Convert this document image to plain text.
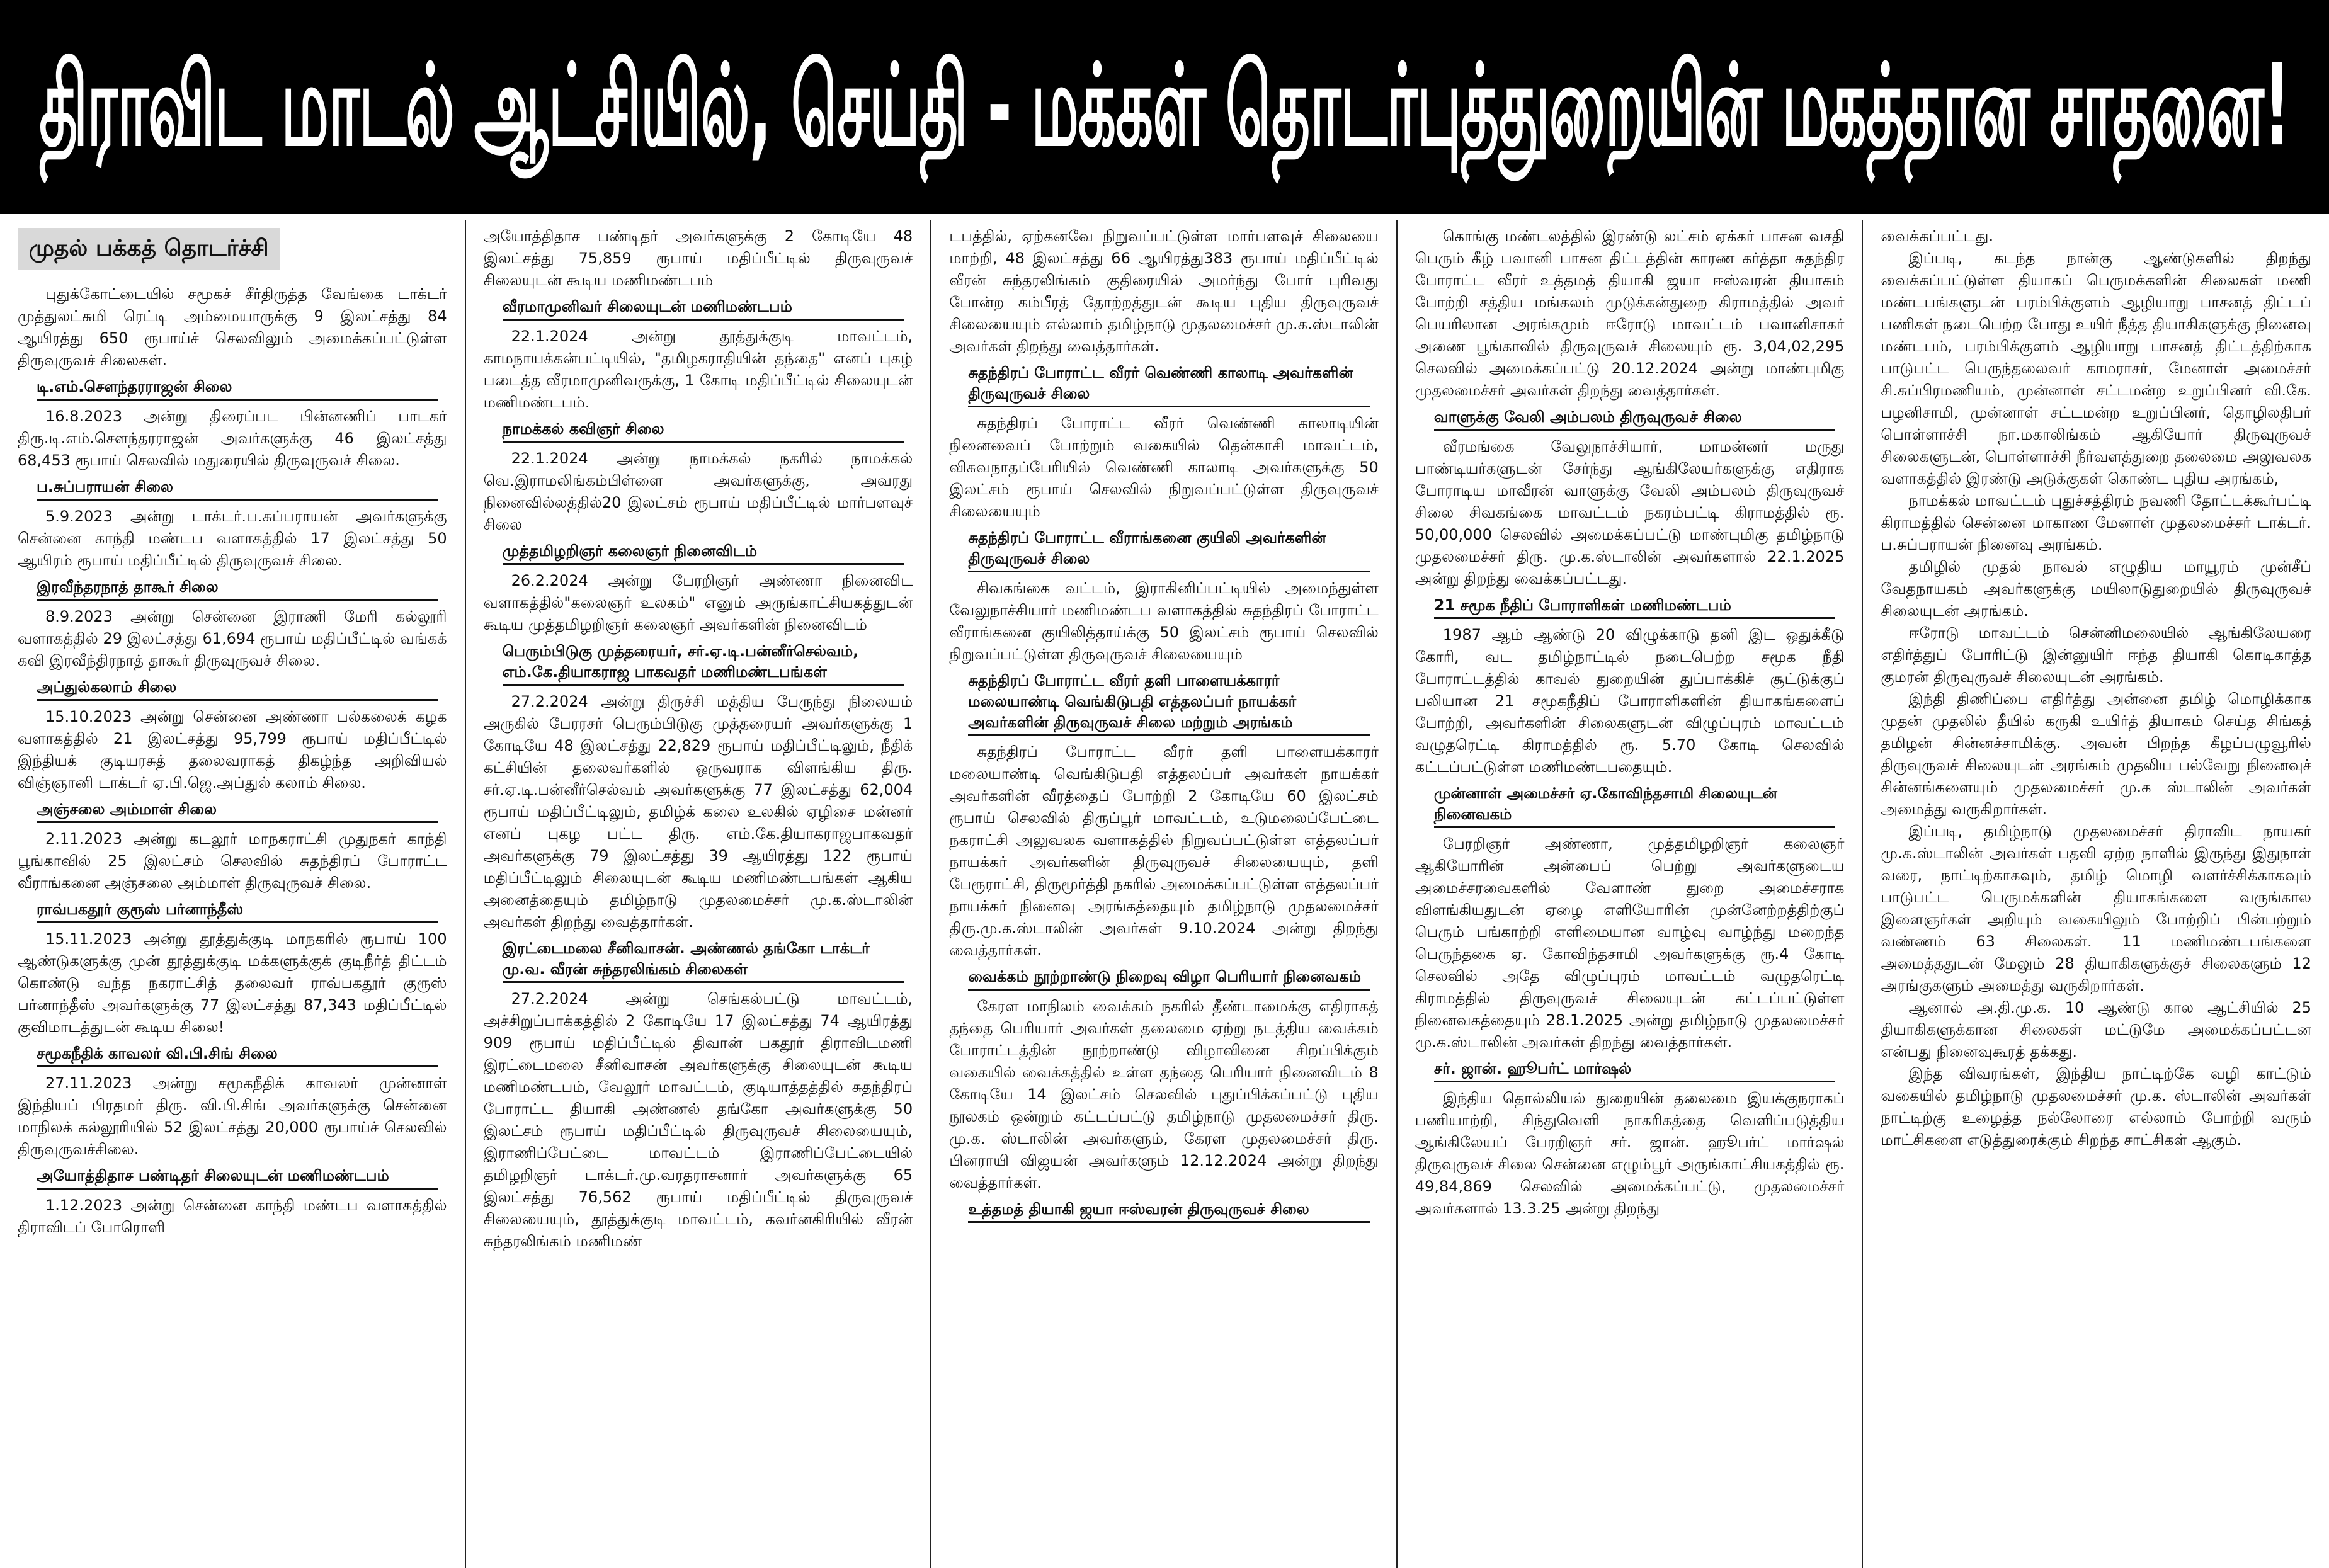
திராவிட மாடல் ஆட்சியில், செய்தி - மக்கள் தொடர்புத்துறையின் மகத்தான சாதனை!
முதல் பக்கத் தொடர்ச்சி
புதுக்கோட்டையில் சமூகச் சீர்திருத்த வேங்கை டாக்டர் முத்துலட்சுமி ரெட்டி அம்மையாருக்கு 9 இலட்சத்து 84 ஆயிரத்து 650 ரூபாய்ச் செலவிலும் அமைக்கப்பட்டுள்ள திருவுருவச் சிலைகள்.
டி.எம்.சௌந்தரராஜன் சிலை
16.8.2023 அன்று திரைப்பட பின்னணிப் பாடகர் திரு.டி.எம்.சௌந்தரராஜன் அவர்களுக்கு 46 இலட்சத்து 68,453 ரூபாய் செலவில் மதுரையில் திருவுருவச் சிலை.
ப.சுப்பராயன் சிலை
5.9.2023 அன்று டாக்டர்.ப.சுப்பராயன் அவர்களுக்கு சென்னை காந்தி மண்டப வளாகத்தில் 17 இலட்சத்து 50 ஆயிரம் ரூபாய் மதிப்பீட்டில் திருவுருவச் சிலை.
இரவீந்தரநாத் தாகூர் சிலை
8.9.2023 அன்று சென்னை இராணி மேரி கல்லூரி வளாகத்தில் 29 இலட்சத்து 61,694 ரூபாய் மதிப்பீட்டில் வங்கக் கவி இரவீந்திரநாத் தாகூர் திருவுருவச் சிலை.
அப்துல்கலாம் சிலை
15.10.2023 அன்று சென்னை அண்ணா பல்கலைக் கழக வளாகத்தில் 21 இலட்சத்து 95,799 ரூபாய் மதிப்பீட்டில் இந்தியக் குடியரசுத் தலைவராகத் திகழ்ந்த அறிவியல் விஞ்ஞானி டாக்டர் ஏ.பி.ஜெ.அப்துல் கலாம் சிலை.
அஞ்சலை அம்மாள் சிலை
2.11.2023 அன்று கடலூர் மாநகராட்சி முதுநகர் காந்தி பூங்காவில் 25 இலட்சம் செலவில் சுதந்திரப் போராட்ட வீராங்கனை அஞ்சலை அம்மாள் திருவுருவச் சிலை.
ராவ்பகதூர் குரூஸ் பர்னாந்தீஸ்
15.11.2023 அன்று தூத்துக்குடி மாநகரில் ரூபாய் 100 ஆண்டுகளுக்கு முன் தூத்துக்குடி மக்களுக்குக் குடிநீர்த் திட்டம் கொண்டு வந்த நகராட்சித் தலைவர் ராவ்பகதூர் குரூஸ் பர்னாந்தீஸ் அவர்களுக்கு 77 இலட்சத்து 87,343 மதிப்பீட்டில் குவிமாடத்துடன் கூடிய சிலை!
சமூகநீதிக் காவலர் வி.பி.சிங் சிலை
27.11.2023 அன்று சமூகநீதிக் காவலர் முன்னாள் இந்தியப் பிரதமர் திரு. வி.பி.சிங் அவர்களுக்கு சென்னை மாநிலக் கல்லூரியில் 52 இலட்சத்து 20,000 ரூபாய்ச் செலவில் திருவுருவச்சிலை.
அயோத்திதாச பண்டிதர் சிலையுடன் மணிமண்டபம்
1.12.2023 அன்று சென்னை காந்தி மண்டப வளாகத்தில் திராவிடப் போரொளி
அயோத்திதாச பண்டிதர் அவர்களுக்கு 2 கோடியே 48 இலட்சத்து 75,859 ரூபாய் மதிப்பீட்டில் திருவுருவச் சிலையுடன் கூடிய மணிமண்டபம்
வீரமாமுனிவர் சிலையுடன் மணிமண்டபம்
22.1.2024 அன்று தூத்துக்குடி மாவட்டம், காமநாயக்கன்பட்டியில், "தமிழகராதியின் தந்தை" எனப் புகழ் படைத்த வீரமாமுனிவருக்கு, 1 கோடி மதிப்பீட்டில் சிலையுடன் மணிமண்டபம்.
நாமக்கல் கவிஞர் சிலை
22.1.2024 அன்று நாமக்கல் நகரில் நாமக்கல் வெ.இராமலிங்கம்பிள்ளை அவர்களுக்கு, அவரது நினைவில்லத்தில்20 இலட்சம் ரூபாய் மதிப்பீட்டில் மார்பளவுச் சிலை
முத்தமிழறிஞர் கலைஞர் நினைவிடம்
26.2.2024 அன்று பேரறிஞர் அண்ணா நினைவிட வளாகத்தில்"கலைஞர் உலகம்" எனும் அருங்காட்சியகத்துடன் கூடிய முத்தமிழறிஞர் கலைஞர் அவர்களின் நினைவிடம்
பெரும்பிடுகு முத்தரையர், சர்.ஏ.டி.பன்னீர்செல்வம், எம்.கே.தியாகராஜ பாகவதர் மணிமண்டபங்கள்
27.2.2024 அன்று திருச்சி மத்திய பேருந்து நிலையம் அருகில் பேரரசர் பெரும்பிடுகு முத்தரையர் அவர்களுக்கு 1 கோடியே 48 இலட்சத்து 22,829 ரூபாய் மதிப்பீட்டிலும், நீதிக் கட்சியின் தலைவர்களில் ஒருவராக விளங்கிய திரு. சர்.ஏ.டி.பன்னீர்செல்வம் அவர்களுக்கு 77 இலட்சத்து 62,004 ரூபாய் மதிப்பீட்டிலும், தமிழ்க் கலை உலகில் ஏழிசை மன்னர் எனப் புகழ பட்ட திரு. எம்.கே.தியாகராஜபாகவதர் அவர்களுக்கு 79 இலட்சத்து 39 ஆயிரத்து 122 ரூபாய் மதிப்பீட்டிலும் சிலையுடன் கூடிய மணிமண்டபங்கள் ஆகிய அனைத்தையும் தமிழ்நாடு முதலமைச்சர் மு.க.ஸ்டாலின் அவர்கள் திறந்து வைத்தார்கள்.
இரட்டைமலை சீனிவாசன். அண்ணல் தங்கோ டாக்டர் மு.வ. வீரன் சுந்தரலிங்கம் சிலைகள்
27.2.2024 அன்று செங்கல்பட்டு மாவட்டம், அச்சிறுப்பாக்கத்தில் 2 கோடியே 17 இலட்சத்து 74 ஆயிரத்து 909 ரூபாய் மதிப்பீட்டில் திவான் பகதூர் திராவிடமணி இரட்டைமலை சீனிவாசன் அவர்களுக்கு சிலையுடன் கூடிய மணிமண்டபம், வேலூர் மாவட்டம், குடியாத்தத்தில் சுதந்திரப் போராட்ட தியாகி அண்ணல் தங்கோ அவர்களுக்கு 50 இலட்சம் ரூபாய் மதிப்பீட்டில் திருவுருவச் சிலையையும், இராணிப்பேட்டை மாவட்டம் இராணிப்பேட்டையில் தமிழறிஞர் டாக்டர்.மு.வரதராசனார் அவர்களுக்கு 65 இலட்சத்து 76,562 ரூபாய் மதிப்பீட்டில் திருவுருவச் சிலையையும், தூத்துக்குடி மாவட்டம், கவர்னகிரியில் வீரன் சுந்தரலிங்கம் மணிமண்
டபத்தில், ஏற்கனவே நிறுவப்பட்டுள்ள மார்பளவுச் சிலையை மாற்றி, 48 இலட்சத்து 66 ஆயிரத்து383 ரூபாய் மதிப்பீட்டில் வீரன் சுந்தரலிங்கம் குதிரையில் அமர்ந்து போர் புரிவது போன்ற கம்பீரத் தோற்றத்துடன் கூடிய புதிய திருவுருவச் சிலையையும் எல்லாம் தமிழ்நாடு முதலமைச்சர் மு.க.ஸ்டாலின் அவர்கள் திறந்து வைத்தார்கள்.
சுதந்திரப் போராட்ட வீரர் வெண்ணி காலாடி அவர்களின் திருவுருவச் சிலை
சுதந்திரப் போராட்ட வீரர் வெண்ணி காலாடியின் நினைவைப் போற்றும் வகையில் தென்காசி மாவட்டம், விசுவநாதப்பேரியில் வெண்ணி காலாடி அவர்களுக்கு 50 இலட்சம் ரூபாய் செலவில் நிறுவப்பட்டுள்ள திருவுருவச் சிலையையும்
சுதந்திரப் போராட்ட வீராங்கனை குயிலி அவர்களின் திருவுருவச் சிலை
சிவகங்கை வட்டம், இராகினிப்பட்டியில் அமைந்துள்ள வேலுநாச்சியார் மணிமண்டப வளாகத்தில் சுதந்திரப் போராட்ட வீராங்கனை குயிலித்தாய்க்கு 50 இலட்சம் ரூபாய் செலவில் நிறுவப்பட்டுள்ள திருவுருவச் சிலையையும்
சுதந்திரப் போராட்ட வீரர் தளி பாளையக்காரர் மலையாண்டி வெங்கிடுபதி எத்தலப்பர் நாயக்கர் அவர்களின் திருவுருவச் சிலை மற்றும் அரங்கம்
சுதந்திரப் போராட்ட வீரர் தளி பாளையக்காரர் மலையாண்டி வெங்கிடுபதி எத்தலப்பர் அவர்கள் நாயக்கர் அவர்களின் வீரத்தைப் போற்றி 2 கோடியே 60 இலட்சம் ரூபாய் செலவில் திருப்பூர் மாவட்டம், உடுமலைப்பேட்டை நகராட்சி அலுவலக வளாகத்தில் நிறுவப்பட்டுள்ள எத்தலப்பர் நாயக்கர் அவர்களின் திருவுருவச் சிலையையும், தளி பேரூராட்சி, திருமூர்த்தி நகரில் அமைக்கப்பட்டுள்ள எத்தலப்பர் நாயக்கர் நினைவு அரங்கத்தையும் தமிழ்நாடு முதலமைச்சர் திரு.மு.க.ஸ்டாலின் அவர்கள் 9.10.2024 அன்று திறந்து வைத்தார்கள்.
வைக்கம் நூற்றாண்டு நிறைவு விழா பெரியார் நினைவகம்
கேரள மாநிலம் வைக்கம் நகரில் தீண்டாமைக்கு எதிராகத் தந்தை பெரியார் அவர்கள் தலைமை ஏற்று நடத்திய வைக்கம் போராட்டத்தின் நூற்றாண்டு விழாவினை சிறப்பிக்கும் வகையில் வைக்கத்தில் உள்ள தந்தை பெரியார் நினைவிடம் 8 கோடியே 14 இலட்சம் செலவில் புதுப்பிக்கப்பட்டு புதிய நூலகம் ஒன்றும் கட்டப்பட்டு தமிழ்நாடு முதலமைச்சர் திரு. மு.க. ஸ்டாலின் அவர்களும், கேரள முதலமைச்சர் திரு. பினராயி விஜயன் அவர்களும் 12.12.2024 அன்று திறந்து வைத்தார்கள்.
உத்தமத் தியாகி ஜயா ஈஸ்வரன் திருவுருவச் சிலை
கொங்கு மண்டலத்தில் இரண்டு லட்சம் ஏக்கர் பாசன வசதி பெரும் கீழ் பவானி பாசன திட்டத்தின் காரண கர்த்தா சுதந்திர போராட்ட வீரர் உத்தமத் தியாகி ஜயா ஈஸ்வரன் தியாகம் போற்றி சத்திய மங்கலம் முடுக்கன்துறை கிராமத்தில் அவர் பெயரிலான அரங்கமும் ஈரோடு மாவட்டம் பவானிசாகர் அணை பூங்காவில் திருவுருவச் சிலையும் ரூ. 3,04,02,295 செலவில் அமைக்கப்பட்டு 20.12.2024 அன்று மாண்புமிகு முதலமைச்சர் அவர்கள் திறந்து வைத்தார்கள்.
வாளுக்கு வேலி அம்பலம் திருவுருவச் சிலை
வீரமங்கை வேலுநாச்சியார், மாமன்னர் மருது பாண்டியர்களுடன் சேர்ந்து ஆங்கிலேயர்களுக்கு எதிராக போராடிய மாவீரன் வாளுக்கு வேலி அம்பலம் திருவுருவச் சிலை சிவகங்கை மாவட்டம் நகரம்பட்டி கிராமத்தில் ரூ. 50,00,000 செலவில் அமைக்கப்பட்டு மாண்புமிகு தமிழ்நாடு முதலமைச்சர் திரு. மு.க.ஸ்டாலின் அவர்களால் 22.1.2025 அன்று திறந்து வைக்கப்பட்டது.
21 சமூக நீதிப் போராளிகள் மணிமண்டபம்
1987 ஆம் ஆண்டு 20 விழுக்காடு தனி இட ஒதுக்கீடு கோரி, வட தமிழ்நாட்டில் நடைபெற்ற சமூக நீதி போராட்டத்தில் காவல் துறையின் துப்பாக்கிச் சூட்டுக்குப் பலியான 21 சமூகநீதிப் போராளிகளின் தியாகங்களைப் போற்றி, அவர்களின் சிலைகளுடன் விழுப்புரம் மாவட்டம் வழுதரெட்டி கிராமத்தில் ரூ. 5.70 கோடி செலவில் கட்டப்பட்டுள்ள மணிமண்டபதையும்.
முன்னாள் அமைச்சர் ஏ.கோவிந்தசாமி சிலையுடன் நினைவகம்
பேரறிஞர் அண்ணா, முத்தமிழறிஞர் கலைஞர் ஆகியோரின் அன்பைப் பெற்று அவர்களுடைய அமைச்சரவைகளில் வேளாண் துறை அமைச்சராக விளங்கியதுடன் ஏழை எளியோரின் முன்னேற்றத்திற்குப் பெரும் பங்காற்றி எளிமையான வாழ்வு வாழ்ந்து மறைந்த பெருந்தகை ஏ. கோவிந்தசாமி அவர்களுக்கு ரூ.4 கோடி செலவில் அதே விழுப்புரம் மாவட்டம் வழுதரெட்டி கிராமத்தில் திருவுருவச் சிலையுடன் கட்டப்பட்டுள்ள நினைவகத்தையும் 28.1.2025 அன்று தமிழ்நாடு முதலமைச்சர் மு.க.ஸ்டாலின் அவர்கள் திறந்து வைத்தார்கள்.
சர். ஜான். ஹூபர்ட் மார்ஷல்
இந்திய தொல்லியல் துறையின் தலைமை இயக்குநராகப் பணியாற்றி, சிந்துவெளி நாகரிகத்தை வெளிப்படுத்திய ஆங்கிலேயப் பேரறிஞர் சர். ஜான். ஹூபர்ட் மார்ஷல் திருவுருவச் சிலை சென்னை எழும்பூர் அருங்காட்சியகத்தில் ரூ. 49,84,869 செலவில் அமைக்கப்பட்டு, முதலமைச்சர் அவர்களால் 13.3.25 அன்று திறந்து
வைக்கப்பட்டது.
இப்படி, கடந்த நான்கு ஆண்டுகளில் திறந்து வைக்கப்பட்டுள்ள தியாகப் பெருமக்களின் சிலைகள் மணி மண்டபங்களுடன் பரம்பிக்குளம் ஆழியாறு பாசனத் திட்டப் பணிகள் நடைபெற்ற போது உயிர் நீத்த தியாகிகளுக்கு நினைவு மண்டபம், பரம்பிக்குளம் ஆழியாறு பாசனத் திட்டத்திற்காக பாடுபட்ட பெருந்தலைவர் காமராசர், மேனாள் அமைச்சர் சி.சுப்பிரமணியம், முன்னாள் சட்டமன்ற உறுப்பினர் வி.கே. பழனிசாமி, முன்னாள் சட்டமன்ற உறுப்பினர், தொழிலதிபர் பொள்ளாச்சி நா.மகாலிங்கம் ஆகியோர் திருவுருவச் சிலைகளுடன், பொள்ளாச்சி நீர்வளத்துறை தலைமை அலுவலக வளாகத்தில் இரண்டு அடுக்குகள் கொண்ட புதிய அரங்கம்,
நாமக்கல் மாவட்டம் புதுச்சத்திரம் நவணி தோட்டக்கூர்பட்டி கிராமத்தில் சென்னை மாகாண மேனாள் முதலமைச்சர் டாக்டர். ப.சுப்பராயன் நினைவு அரங்கம்.
தமிழில் முதல் நாவல் எழுதிய மாயூரம் முன்சீப் வேதநாயகம் அவர்களுக்கு மயிலாடுதுறையில் திருவுருவச் சிலையுடன் அரங்கம்.
ஈரோடு மாவட்டம் சென்னிமலையில் ஆங்கிலேயரை எதிர்த்துப் போரிட்டு இன்னுயிர் ஈந்த தியாகி கொடிகாத்த குமரன் திருவுருவச் சிலையுடன் அரங்கம்.
இந்தி திணிப்பை எதிர்த்து அன்னை தமிழ் மொழிக்காக முதன் முதலில் தீயில் கருகி உயிர்த் தியாகம் செய்த சிங்கத் தமிழன் சின்னச்சாமிக்கு. அவன் பிறந்த கீழப்பழுவூரில் திருவுருவச் சிலையுடன் அரங்கம் முதலிய பல்வேறு நினைவுச் சின்னங்களையும் முதலமைச்சர் மு.க ஸ்டாலின் அவர்கள் அமைத்து வருகிறார்கள்.
இப்படி, தமிழ்நாடு முதலமைச்சர் திராவிட நாயகர் மு.க.ஸ்டாலின் அவர்கள் பதவி ஏற்ற நாளில் இருந்து இதுநாள் வரை, நாட்டிற்காகவும், தமிழ் மொழி வளர்ச்சிக்காகவும் பாடுபட்ட பெருமக்களின் தியாகங்களை வருங்கால இளைஞர்கள் அறியும் வகையிலும் போற்றிப் பின்பற்றும் வண்ணம் 63 சிலைகள். 11 மணிமண்டபங்களை அமைத்ததுடன் மேலும் 28 தியாகிகளுக்குச் சிலைகளும் 12 அரங்குகளும் அமைத்து வருகிறார்கள்.
ஆனால் அ.தி.மு.க. 10 ஆண்டு கால ஆட்சியில் 25 தியாகிகளுக்கான சிலைகள் மட்டுமே அமைக்கப்பட்டன என்பது நினைவுகூரத் தக்கது.
இந்த விவரங்கள், இந்திய நாட்டிற்கே வழி காட்டும் வகையில் தமிழ்நாடு முதலமைச்சர் மு.க. ஸ்டாலின் அவர்கள் நாட்டிற்கு உழைத்த நல்லோரை எல்லாம் போற்றி வரும் மாட்சிகளை எடுத்துரைக்கும் சிறந்த சாட்சிகள் ஆகும்.
